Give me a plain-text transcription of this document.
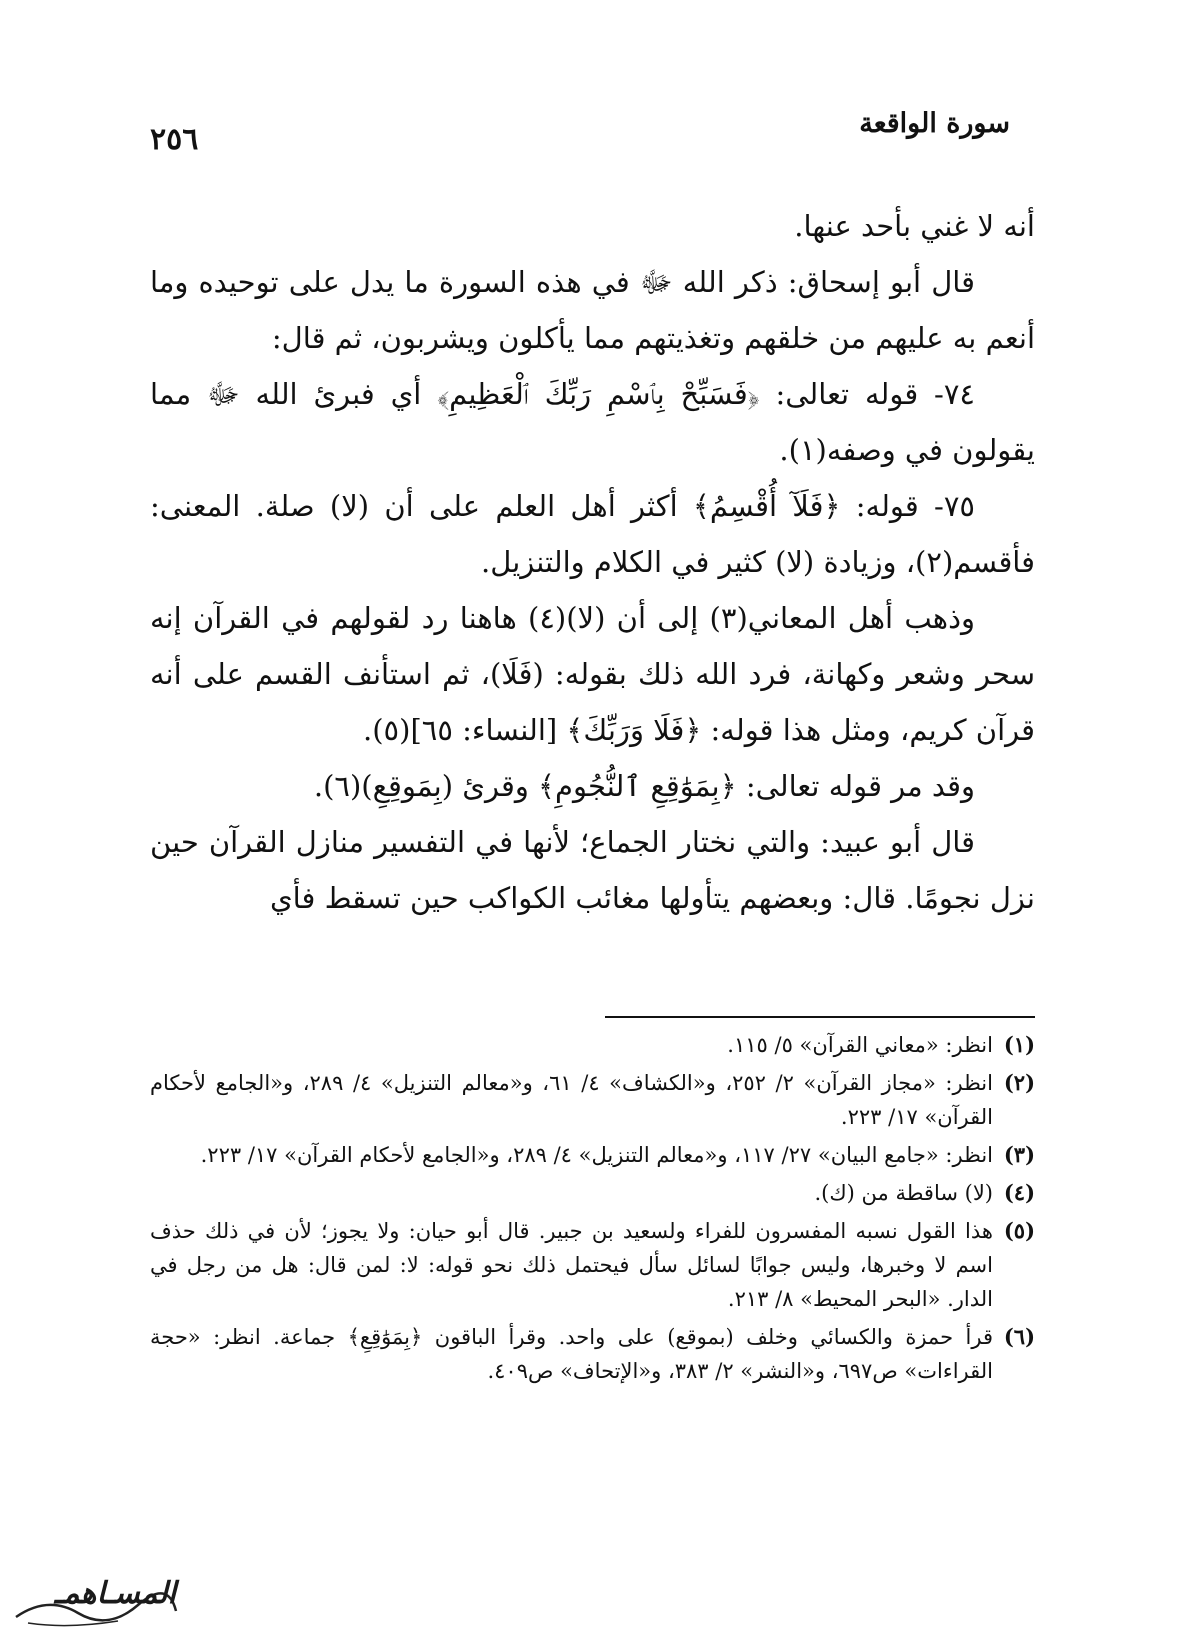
٢٥٦	سورة الواقعة

أنه لا غني بأحد عنها.

قال أبو إسحاق: ذكر الله ﷻ في هذه السورة ما يدل على توحيده وما أنعم به عليهم من خلقهم وتغذيتهم مما يأكلون ويشربون، ثم قال:

٧٤- قوله تعالى: ﴿فَسَبِّحْ بِٱسْمِ رَبِّكَ ٱلْعَظِيمِ﴾ أي فبرئ الله ﷻ مما يقولون في وصفه(١).

٧٥- قوله: ﴿فَلَآ أُقْسِمُ﴾ أكثر أهل العلم على أن (لا) صلة. المعنى: فأقسم(٢)، وزيادة (لا) كثير في الكلام والتنزيل.

وذهب أهل المعاني(٣) إلى أن (لا)(٤) هاهنا رد لقولهم في القرآن إنه سحر وشعر وكهانة، فرد الله ذلك بقوله: (فَلَا)، ثم استأنف القسم على أنه قرآن كريم، ومثل هذا قوله: ﴿فَلَا وَرَبِّكَ﴾ [النساء: ٦٥](٥).

وقد مر قوله تعالى: ﴿بِمَوَٰقِعِ ٱلنُّجُومِ﴾ وقرئ (بِمَوقِعِ)(٦).

قال أبو عبيد: والتي نختار الجماع؛ لأنها في التفسير منازل القرآن حين نزل نجومًا. قال: وبعضهم يتأولها مغائب الكواكب حين تسقط فأي

(١)
انظر: «معاني القرآن» ٥/ ١١٥.
(٢)
انظر: «مجاز القرآن» ٢/ ٢٥٢، و«الكشاف» ٤/ ٦١، و«معالم التنزيل» ٤/ ٢٨٩، و«الجامع لأحكام القرآن» ١٧/ ٢٢٣.
(٣)
انظر: «جامع البيان» ٢٧/ ١١٧، و«معالم التنزيل» ٤/ ٢٨٩، و«الجامع لأحكام القرآن» ١٧/ ٢٢٣.
(٤)
(لا) ساقطة من (ك).
(٥)
هذا القول نسبه المفسرون للفراء ولسعيد بن جبير. قال أبو حيان: ولا يجوز؛ لأن في ذلك حذف اسم لا وخبرها، وليس جوابًا لسائل سأل فيحتمل ذلك نحو قوله: لا: لمن قال: هل من رجل في الدار. «البحر المحيط» ٨/ ٢١٣.
(٦)
قرأ حمزة والكسائي وخلف (بموقع) على واحد. وقرأ الباقون ﴿بِمَوَٰقِعِ﴾ جماعة. انظر: «حجة القراءات» ص٦٩٧، و«النشر» ٢/ ٣٨٣، و«الإتحاف» ص٤٠٩.
المسـاهمـ
